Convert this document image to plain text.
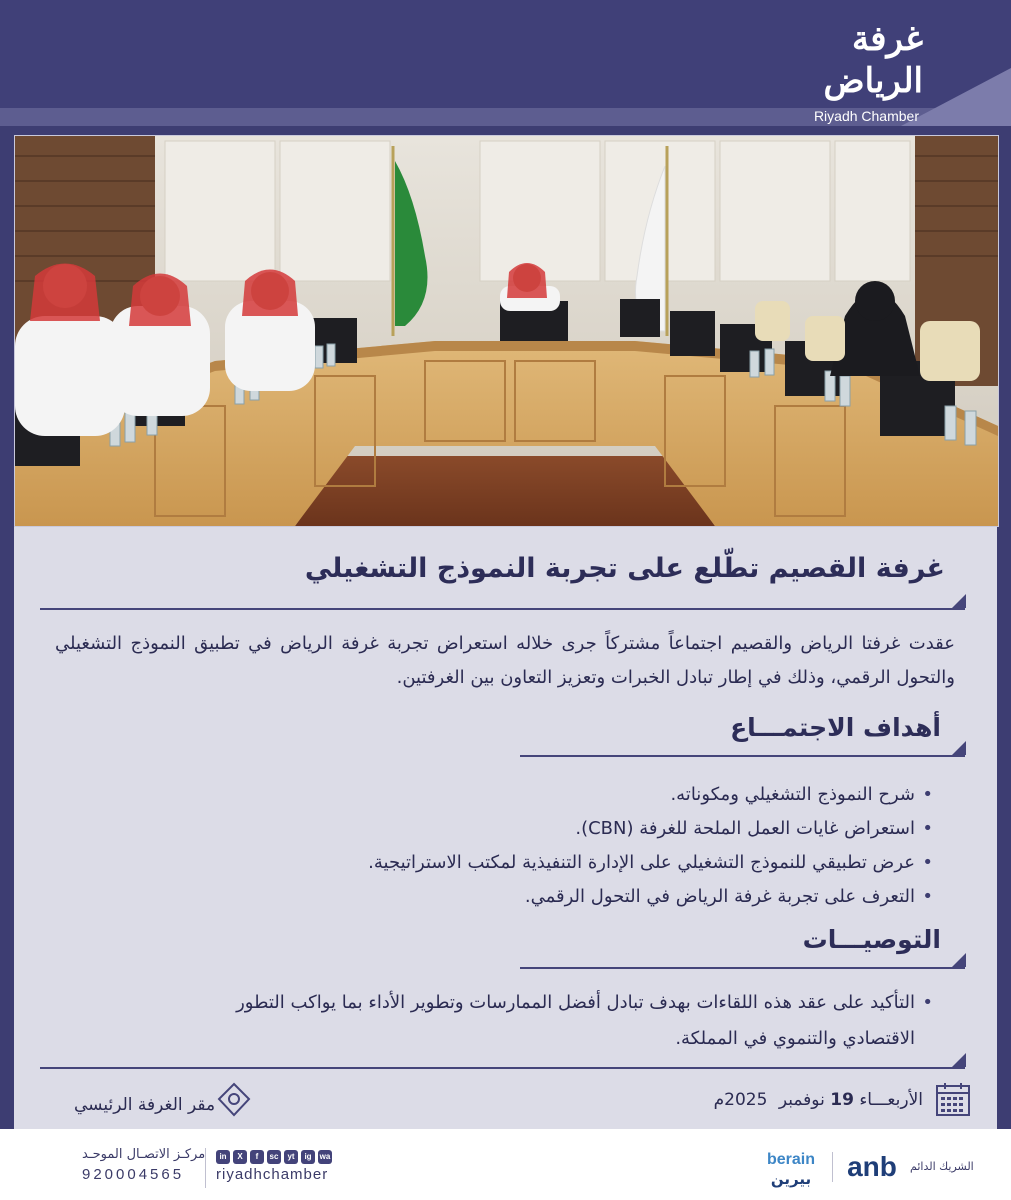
غرفة الرياض
Riyadh Chamber
غرفة القصيم تطّلع على تجربة النموذج التشغيلي
عقدت غرفتا الرياض والقصيم اجتماعاً مشتركاً جرى خلاله استعراض تجربة غرفة الرياض في تطبيق النموذج التشغيلي والتحول الرقمي، وذلك في إطار تبادل الخبرات وتعزيز التعاون بين الغرفتين.
أهداف الاجتمـــاع
• شرح النموذج التشغيلي ومكوناته.
• استعراض غايات العمل الملحة للغرفة (CBN).
• عرض تطبيقي للنموذج التشغيلي على الإدارة التنفيذية لمكتب الاستراتيجية.
• التعرف على تجربة غرفة الرياض في التحول الرقمي.
التوصيـــات
• التأكيد على عقد هذه اللقاءات بهدف تبادل أفضل الممارسات وتطوير الأداء بما يواكب التطور الاقتصادي والتنموي في المملكة.
الأربعـــاء 19 نوفمبر 2025م
مقر الغرفة الرئيسي
مركـز الاتصـال الموحـد
920004565
in	X	f	sc	yt	ig	wa
riyadhchamber
berain
بيرين anb الشريك الدائم
